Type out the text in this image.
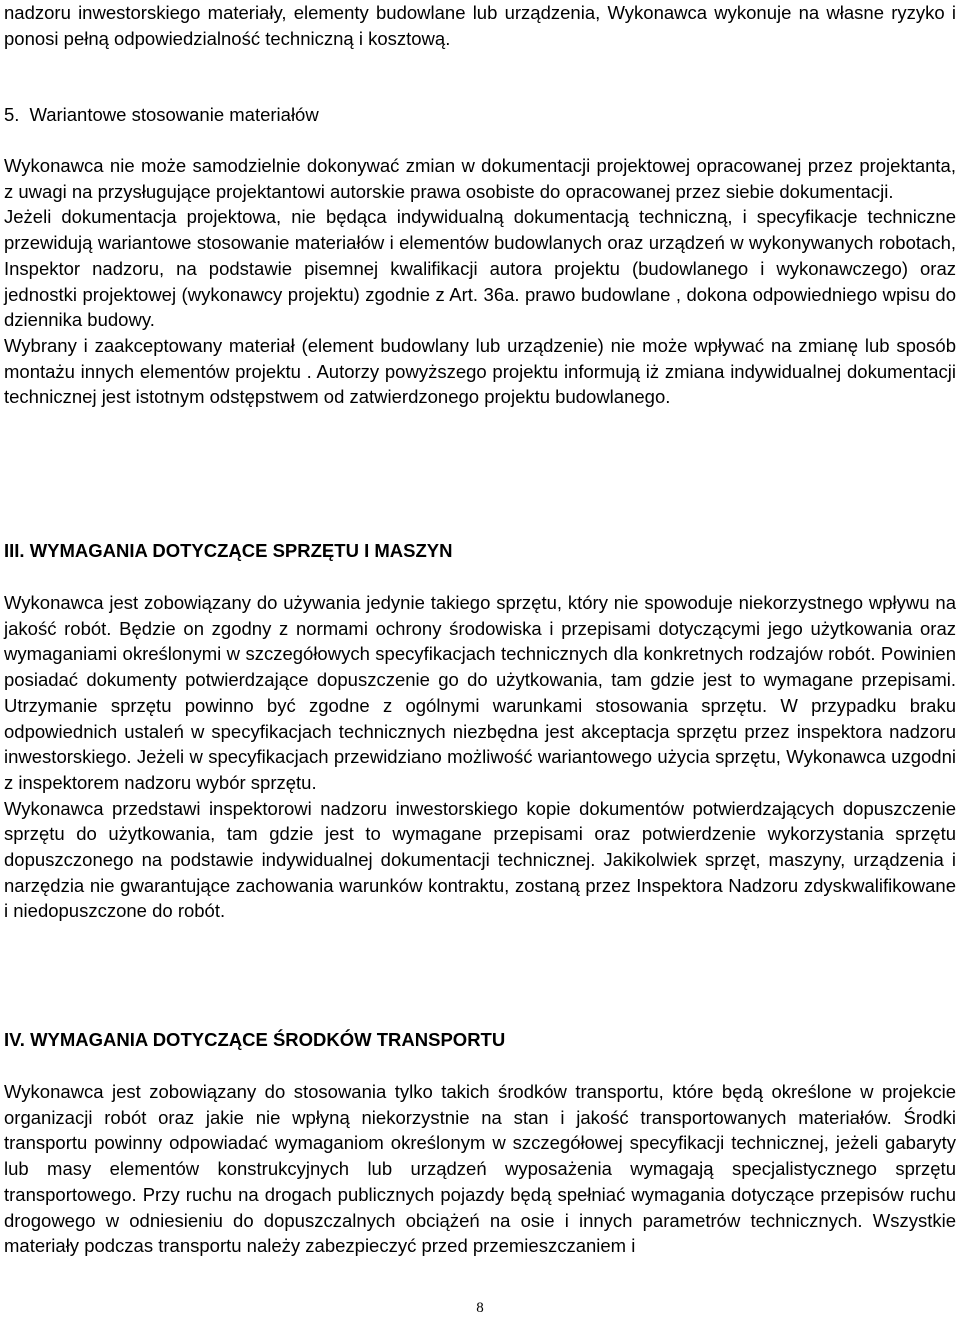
nadzoru inwestorskiego materiały, elementy budowlane lub urządzenia, Wykonawca wykonuje na własne ryzyko i ponosi pełną odpowiedzialność techniczną i kosztową.

5. Wariantowe stosowanie materiałów

Wykonawca nie może samodzielnie dokonywać zmian w dokumentacji projektowej opracowanej przez projektanta, z uwagi na przysługujące projektantowi autorskie prawa osobiste do opracowanej przez siebie dokumentacji.

Jeżeli dokumentacja projektowa, nie będąca indywidualną dokumentacją techniczną, i specyfikacje techniczne przewidują wariantowe stosowanie materiałów i elementów budowlanych oraz urządzeń w wykonywanych robotach, Inspektor nadzoru, na podstawie pisemnej kwalifikacji autora projektu (budowlanego i wykonawczego) oraz jednostki projektowej (wykonawcy projektu) zgodnie z Art. 36a. prawo budowlane , dokona odpowiedniego wpisu do dziennika budowy.

Wybrany i zaakceptowany materiał (element budowlany lub urządzenie) nie może wpływać na zmianę lub sposób montażu innych elementów projektu . Autorzy powyższego projektu informują iż zmiana indywidualnej dokumentacji technicznej jest istotnym odstępstwem od zatwierdzonego projektu budowlanego.

III. WYMAGANIA DOTYCZĄCE SPRZĘTU I MASZYN

Wykonawca jest zobowiązany do używania jedynie takiego sprzętu, który nie spowoduje niekorzystnego wpływu na jakość robót. Będzie on zgodny z normami ochrony środowiska i przepisami dotyczącymi jego użytkowania oraz wymaganiami określonymi w szczegółowych specyfikacjach technicznych dla konkretnych rodzajów robót. Powinien posiadać dokumenty potwierdzające dopuszczenie go do użytkowania, tam gdzie jest to wymagane przepisami. Utrzymanie sprzętu powinno być zgodne z ogólnymi warunkami stosowania sprzętu. W przypadku braku odpowiednich ustaleń w specyfikacjach technicznych niezbędna jest akceptacja sprzętu przez inspektora nadzoru inwestorskiego. Jeżeli w specyfikacjach przewidziano możliwość wariantowego użycia sprzętu, Wykonawca uzgodni z inspektorem nadzoru wybór sprzętu.

Wykonawca przedstawi inspektorowi nadzoru inwestorskiego kopie dokumentów potwierdzających dopuszczenie sprzętu do użytkowania, tam gdzie jest to wymagane przepisami oraz potwierdzenie wykorzystania sprzętu dopuszczonego na podstawie indywidualnej dokumentacji technicznej. Jakikolwiek sprzęt, maszyny, urządzenia i narzędzia nie gwarantujące zachowania warunków kontraktu, zostaną przez Inspektora Nadzoru zdyskwalifikowane i niedopuszczone do robót.

IV. WYMAGANIA DOTYCZĄCE ŚRODKÓW TRANSPORTU

Wykonawca jest zobowiązany do stosowania tylko takich środków transportu, które będą określone w projekcie organizacji robót oraz jakie nie wpłyną niekorzystnie na stan i jakość transportowanych materiałów. Środki transportu powinny odpowiadać wymaganiom określonym w szczegółowej specyfikacji technicznej, jeżeli gabaryty lub masy elementów konstrukcyjnych lub urządzeń wyposażenia wymagają specjalistycznego sprzętu transportowego. Przy ruchu na drogach publicznych pojazdy będą spełniać wymagania dotyczące przepisów ruchu drogowego w odniesieniu do dopuszczalnych obciążeń na osie i innych parametrów technicznych. Wszystkie materiały podczas transportu należy zabezpieczyć przed przemieszczaniem i

8
